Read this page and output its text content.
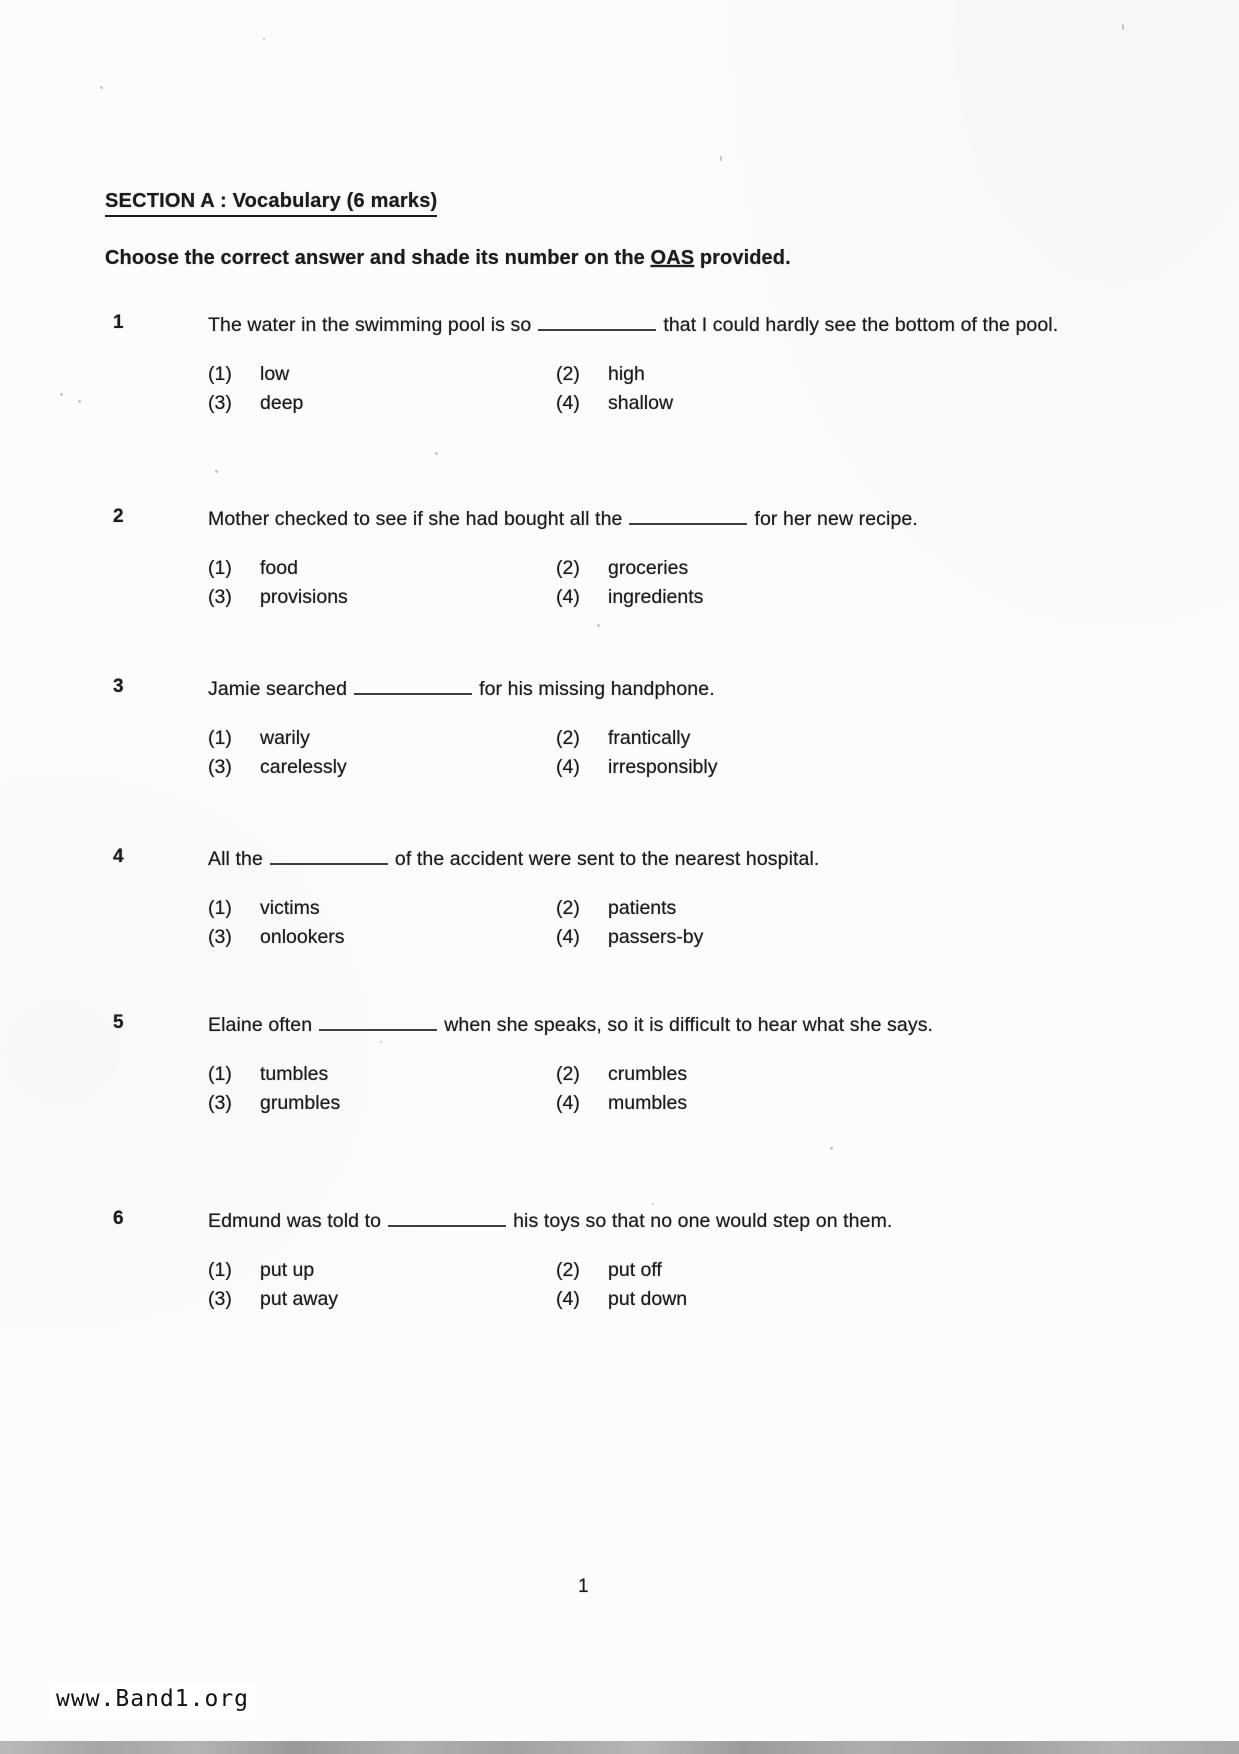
SECTION A : Vocabulary (6 marks)
Choose the correct answer and shade its number on the OAS provided.
1	The water in the swimming pool is so	that I could hardly see the bottom of the pool.
(1)	low	(2)	high
(3)	deep	(4)	shallow
2	Mother checked to see if she had bought all the	for her new recipe.
(1)	food	(2)	groceries
(3)	provisions	(4)	ingredients
3	Jamie searched	for his missing handphone.
(1)	warily	(2)	frantically
(3)	carelessly	(4)	irresponsibly
4	All the	of the accident were sent to the nearest hospital.
(1)	victims	(2)	patients
(3)	onlookers	(4)	passers-by
5	Elaine often	when she speaks, so it is difficult to hear what she says.
(1)	tumbles	(2)	crumbles
(3)	grumbles	(4)	mumbles
6	Edmund was told to	his toys so that no one would step on them.
(1)	put up	(2)	put off
(3)	put away	(4)	put down
1
www.Band1.org
